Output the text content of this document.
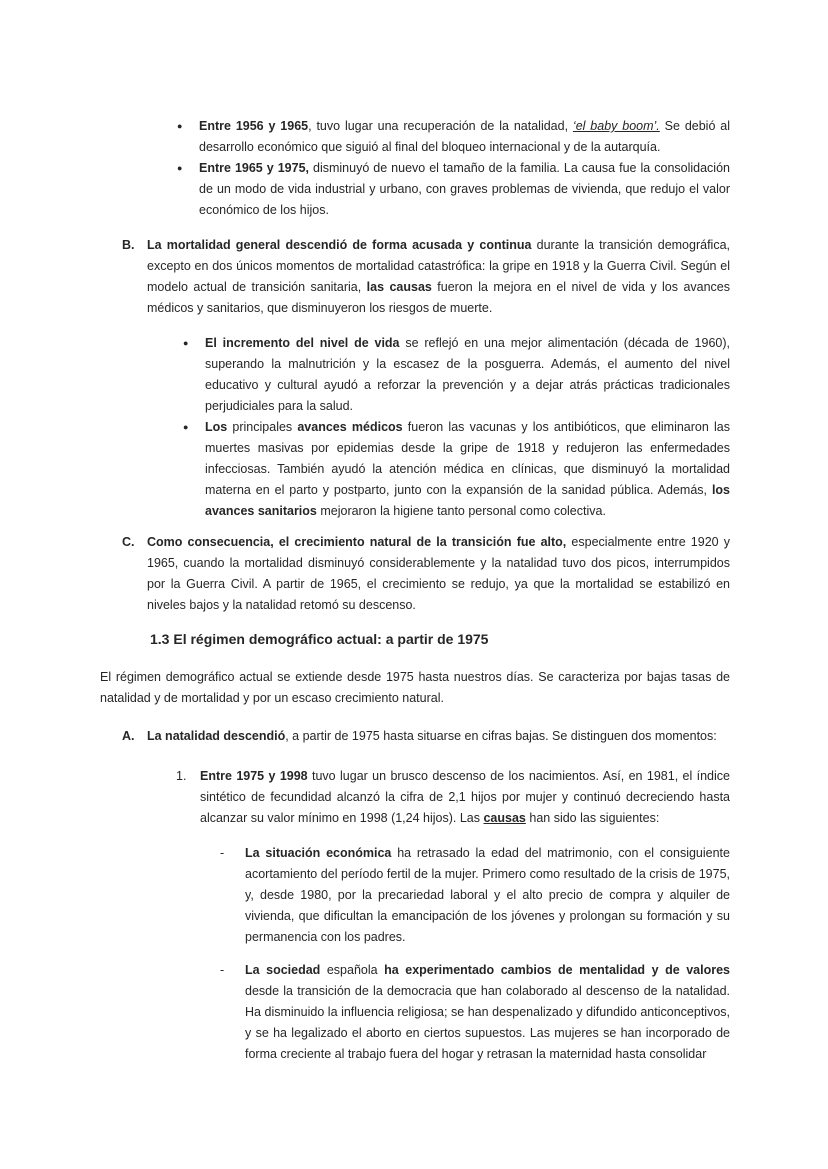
●	Entre 1956 y 1965, tuvo lugar una recuperación de la natalidad, ‘el baby boom’. Se debió al desarrollo económico que siguió al final del bloqueo internacional y de la autarquía.

●	Entre 1965 y 1975, disminuyó de nuevo el tamaño de la familia. La causa fue la consolidación de un modo de vida industrial y urbano, con graves problemas de vivienda, que redujo el valor económico de los hijos.

B.	La mortalidad general descendió de forma acusada y continua durante la transición demográfica, excepto en dos únicos momentos de mortalidad catastrófica: la gripe en 1918 y la Guerra Civil. Según el modelo actual de transición sanitaria, las causas fueron la mejora en el nivel de vida y los avances médicos y sanitarios, que disminuyeron los riesgos de muerte.

●	El incremento del nivel de vida se reflejó en una mejor alimentación (década de 1960), superando la malnutrición y la escasez de la posguerra. Además, el aumento del nivel educativo y cultural ayudó a reforzar la prevención y a dejar atrás prácticas tradicionales perjudiciales para la salud.

●	Los principales avances médicos fueron las vacunas y los antibióticos, que eliminaron las muertes masivas por epidemias desde la gripe de 1918 y redujeron las enfermedades infecciosas. También ayudó la atención médica en clínicas, que disminuyó la mortalidad materna en el parto y postparto, junto con la expansión de la sanidad pública. Además, los avances sanitarios mejoraron la higiene tanto personal como colectiva.

C.	Como consecuencia, el crecimiento natural de la transición fue alto, especialmente entre 1920 y 1965, cuando la mortalidad disminuyó considerablemente y la natalidad tuvo dos picos, interrumpidos por la Guerra Civil. A partir de 1965, el crecimiento se redujo, ya que la mortalidad se estabilizó en niveles bajos y la natalidad retomó su descenso.

1.3 El régimen demográfico actual: a partir de 1975

El régimen demográfico actual se extiende desde 1975 hasta nuestros días. Se caracteriza por bajas tasas de natalidad y de mortalidad y por un escaso crecimiento natural.

A.	La natalidad descendió, a partir de 1975 hasta situarse en cifras bajas. Se distinguen dos momentos:

1.	Entre 1975 y 1998 tuvo lugar un brusco descenso de los nacimientos. Así, en 1981, el índice sintético de fecundidad alcanzó la cifra de 2,1 hijos por mujer y continuó decreciendo hasta alcanzar su valor mínimo en 1998 (1,24 hijos). Las causas han sido las siguientes:

-	La situación económica ha retrasado la edad del matrimonio, con el consiguiente acortamiento del período fertil de la mujer. Primero como resultado de la crisis de 1975, y, desde 1980, por la precariedad laboral y el alto precio de compra y alquiler de vivienda, que dificultan la emancipación de los jóvenes y prolongan su formación y su permanencia con los padres.

-	La sociedad española ha experimentado cambios de mentalidad y de valores desde la transición de la democracia que han colaborado al descenso de la natalidad. Ha disminuido la influencia religiosa; se han despenalizado y difundido anticonceptivos, y se ha legalizado el aborto en ciertos supuestos. Las mujeres se han incorporado de forma creciente al trabajo fuera del hogar y retrasan la maternidad hasta consolidar
